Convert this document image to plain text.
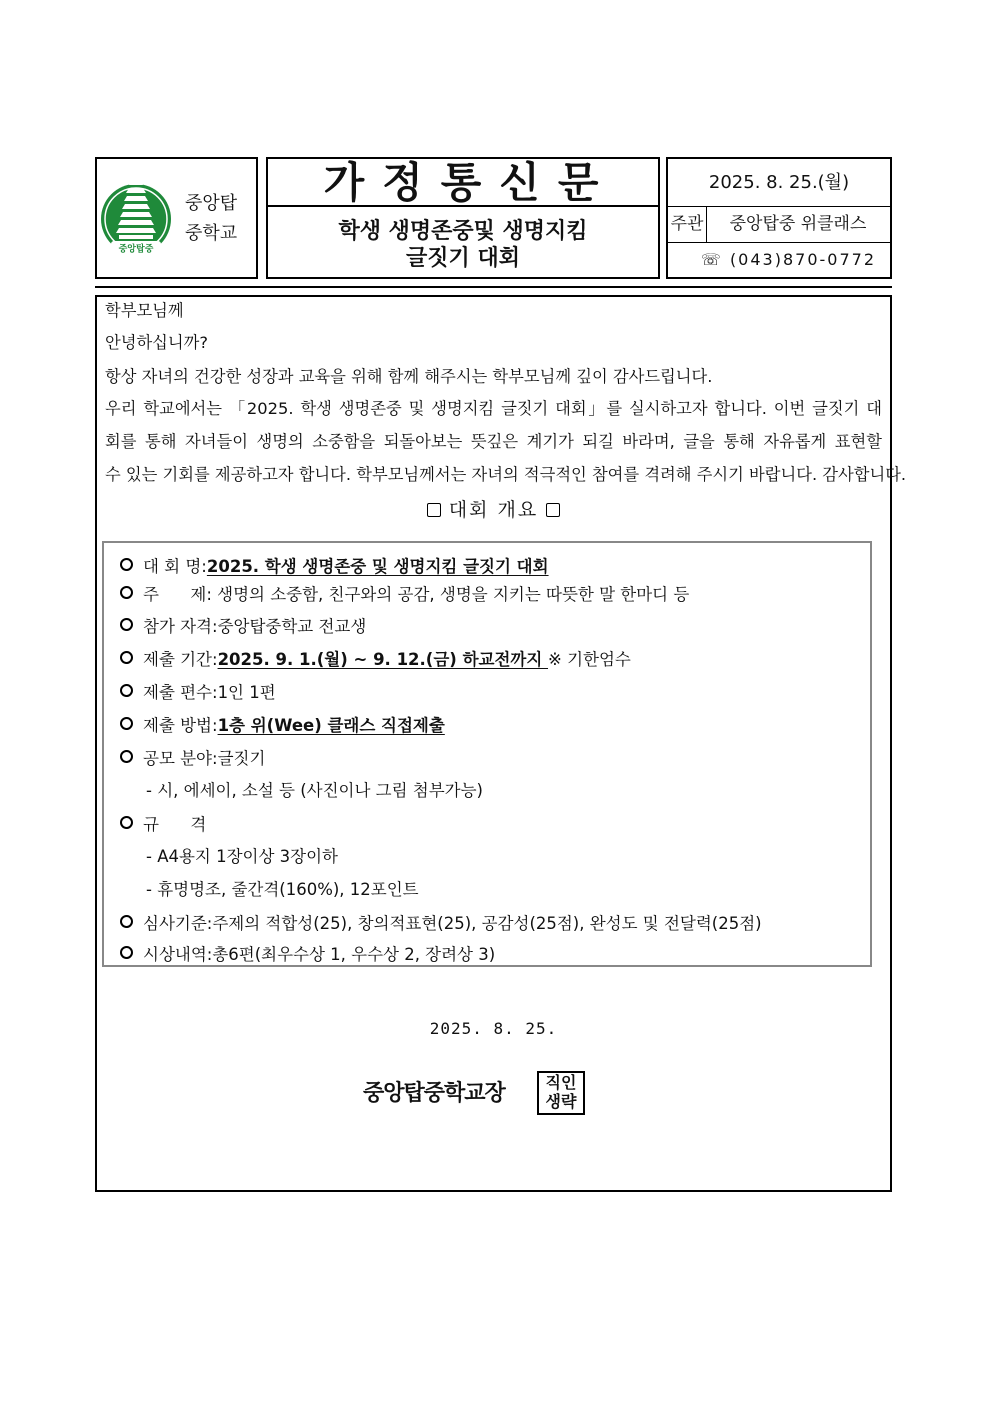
중앙탑중
중앙탑
중학교
가정통신문
학생 생명존중및 생명지킴
글짓기 대회
2025. 8. 25.(월)
주관	중앙탑중 위클래스
☏ (043)870-0772
학부모님께
안녕하십니까?
항상 자녀의 건강한 성장과 교육을 위해 함께 해주시는 학부모님께 깊이 감사드립니다.
우리 학교에서는 「2025. 학생 생명존중 및 생명지킴 글짓기 대회」를 실시하고자 합니다. 이번 글짓기 대
회를 통해 자녀들이 생명의 소중함을 되돌아보는 뜻깊은 계기가 되길 바라며, 글을 통해 자유롭게 표현할
수 있는 기회를 제공하고자 합니다. 학부모님께서는 자녀의 적극적인 참여를 격려해 주시기 바랍니다. 감사합니다.
대회 개요
대 회 명:2025. 학생 생명존중 및 생명지킴 글짓기 대회
주      제: 생명의 소중함, 친구와의 공감, 생명을 지키는 따뜻한 말 한마디 등
참가 자격:중앙탑중학교 전교생
제출 기간:2025. 9. 1.(월) ~ 9. 12.(금) 하교전까지 ※ 기한엄수
제출 편수:1인 1편
제출 방법:1층 위(Wee) 클래스 직접제출
공모 분야:글짓기
- 시, 에세이, 소설 등 (사진이나 그림 첨부가능)
규      격
- A4용지 1장이상 3장이하
- 휴명명조, 줄간격(160%), 12포인트
심사기준:주제의 적합성(25), 창의적표현(25), 공감성(25점), 완성도 및 전달력(25점)
시상내역:총6편(최우수상 1, 우수상 2, 장려상 3)
2025. 8. 25.
중앙탑중학교장	직인
생략
